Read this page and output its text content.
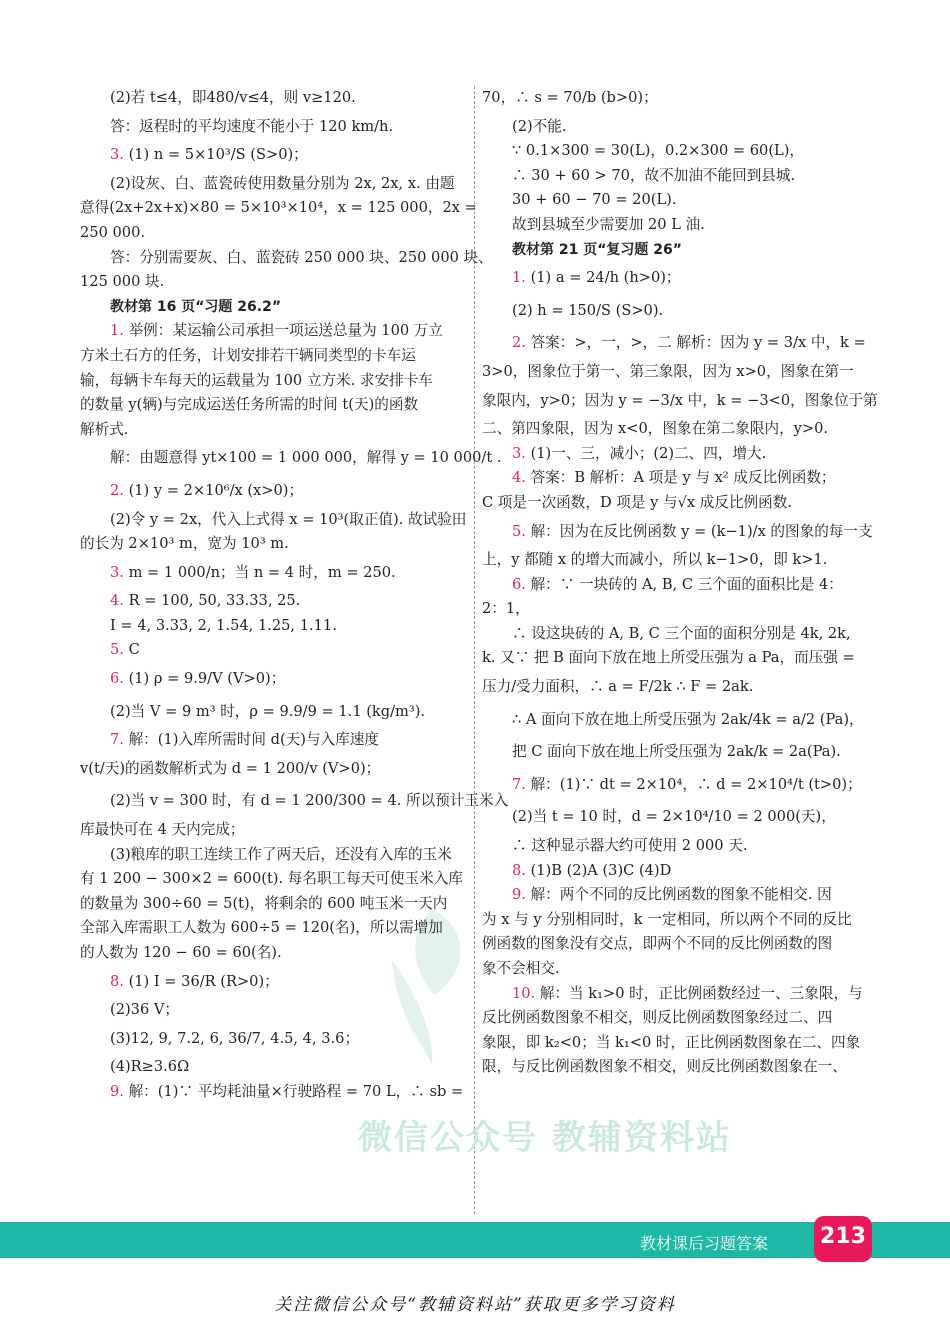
微信公众号 教辅资料站
(2)若 t≤4，即480/v≤4，则 v≥120.
答：返程时的平均速度不能小于 120 km/h.
3. (1) n = 5×10³/S (S>0)；
(2)设灰、白、蓝瓷砖使用数量分别为 2x, 2x, x. 由题
意得(2x+2x+x)×80 = 5×10³×10⁴，x = 125 000，2x =
250 000.
答：分别需要灰、白、蓝瓷砖 250 000 块、250 000 块、
125 000 块.
教材第 16 页“习题 26.2”
1. 举例：某运输公司承担一项运送总量为 100 万立
方米土石方的任务，计划安排若干辆同类型的卡车运
输，每辆卡车每天的运载量为 100 立方米. 求安排卡车
的数量 y(辆)与完成运送任务所需的时间 t(天)的函数
解析式.
解：由题意得 yt×100 = 1 000 000，解得 y = 10 000/t .
2. (1) y = 2×10⁶/x (x>0)；
(2)令 y = 2x，代入上式得 x = 10³(取正值). 故试验田
的长为 2×10³ m，宽为 10³ m.
3. m = 1 000/n；当 n = 4 时，m = 250.
4. R = 100, 50, 33.33, 25.
I = 4, 3.33, 2, 1.54, 1.25, 1.11.
5. C
6. (1) ρ = 9.9/V (V>0)；
(2)当 V = 9 m³ 时，ρ = 9.9/9 = 1.1 (kg/m³).
7. 解：(1)入库所需时间 d(天)与入库速度
v(t/天)的函数解析式为 d = 1 200/v (V>0)；
(2)当 v = 300 时，有 d = 1 200/300 = 4. 所以预计玉米入
库最快可在 4 天内完成；
(3)粮库的职工连续工作了两天后，还没有入库的玉米
有 1 200 − 300×2 = 600(t). 每名职工每天可使玉米入库
的数量为 300÷60 = 5(t)，将剩余的 600 吨玉米一天内
全部入库需职工人数为 600÷5 = 120(名)，所以需增加
的人数为 120 − 60 = 60(名).
8. (1) I = 36/R (R>0)；
(2)36 V；
(3)12, 9, 7.2, 6, 36/7, 4.5, 4, 3.6；
(4)R≥3.6Ω
9. 解：(1)∵ 平均耗油量×行驶路程 = 70 L，∴ sb =
70，∴ s = 70/b (b>0)；
(2)不能.
∵ 0.1×300 = 30(L)，0.2×300 = 60(L)，
∴ 30 + 60 > 70，故不加油不能回到县城.
30 + 60 − 70 = 20(L).
故到县城至少需要加 20 L 油.
教材第 21 页“复习题 26”
1. (1) a = 24/h (h>0)；
(2) h = 150/S (S>0).
2. 答案：>，一，>，二 解析：因为 y = 3/x 中，k =
3>0，图象位于第一、第三象限，因为 x>0，图象在第一
象限内，y>0；因为 y = −3/x 中，k = −3<0，图象位于第
二、第四象限，因为 x<0，图象在第二象限内，y>0.
3. (1)一、三，减小；(2)二、四，增大.
4. 答案：B 解析：A 项是 y 与 x² 成反比例函数；
C 项是一次函数，D 项是 y 与√x 成反比例函数.
5. 解：因为在反比例函数 y = (k−1)/x 的图象的每一支
上，y 都随 x 的增大而减小，所以 k−1>0，即 k>1.
6. 解：∵ 一块砖的 A, B, C 三个面的面积比是 4：
2：1，
∴ 设这块砖的 A, B, C 三个面的面积分别是 4k, 2k,
k. 又∵ 把 B 面向下放在地上所受压强为 a Pa，而压强 =
压力/受力面积，∴ a = F/2k ∴ F = 2ak.
∴ A 面向下放在地上所受压强为 2ak/4k = a/2 (Pa)，
把 C 面向下放在地上所受压强为 2ak/k = 2a(Pa).
7. 解：(1)∵ dt = 2×10⁴，∴ d = 2×10⁴/t (t>0)；
(2)当 t = 10 时，d = 2×10⁴/10 = 2 000(天)，
∴ 这种显示器大约可使用 2 000 天.
8. (1)B (2)A (3)C (4)D
9. 解：两个不同的反比例函数的图象不能相交. 因
为 x 与 y 分别相同时，k 一定相同，所以两个不同的反比
例函数的图象没有交点，即两个不同的反比例函数的图
象不会相交.
10. 解：当 k₁>0 时，正比例函数经过一、三象限，与
反比例函数图象不相交，则反比例函数图象经过二、四
象限，即 k₂<0；当 k₁<0 时，正比例函数图象在二、四象
限，与反比例函数图象不相交，则反比例函数图象在一、
教材课后习题答案 213
关注微信公众号“教辅资料站”获取更多学习资料
